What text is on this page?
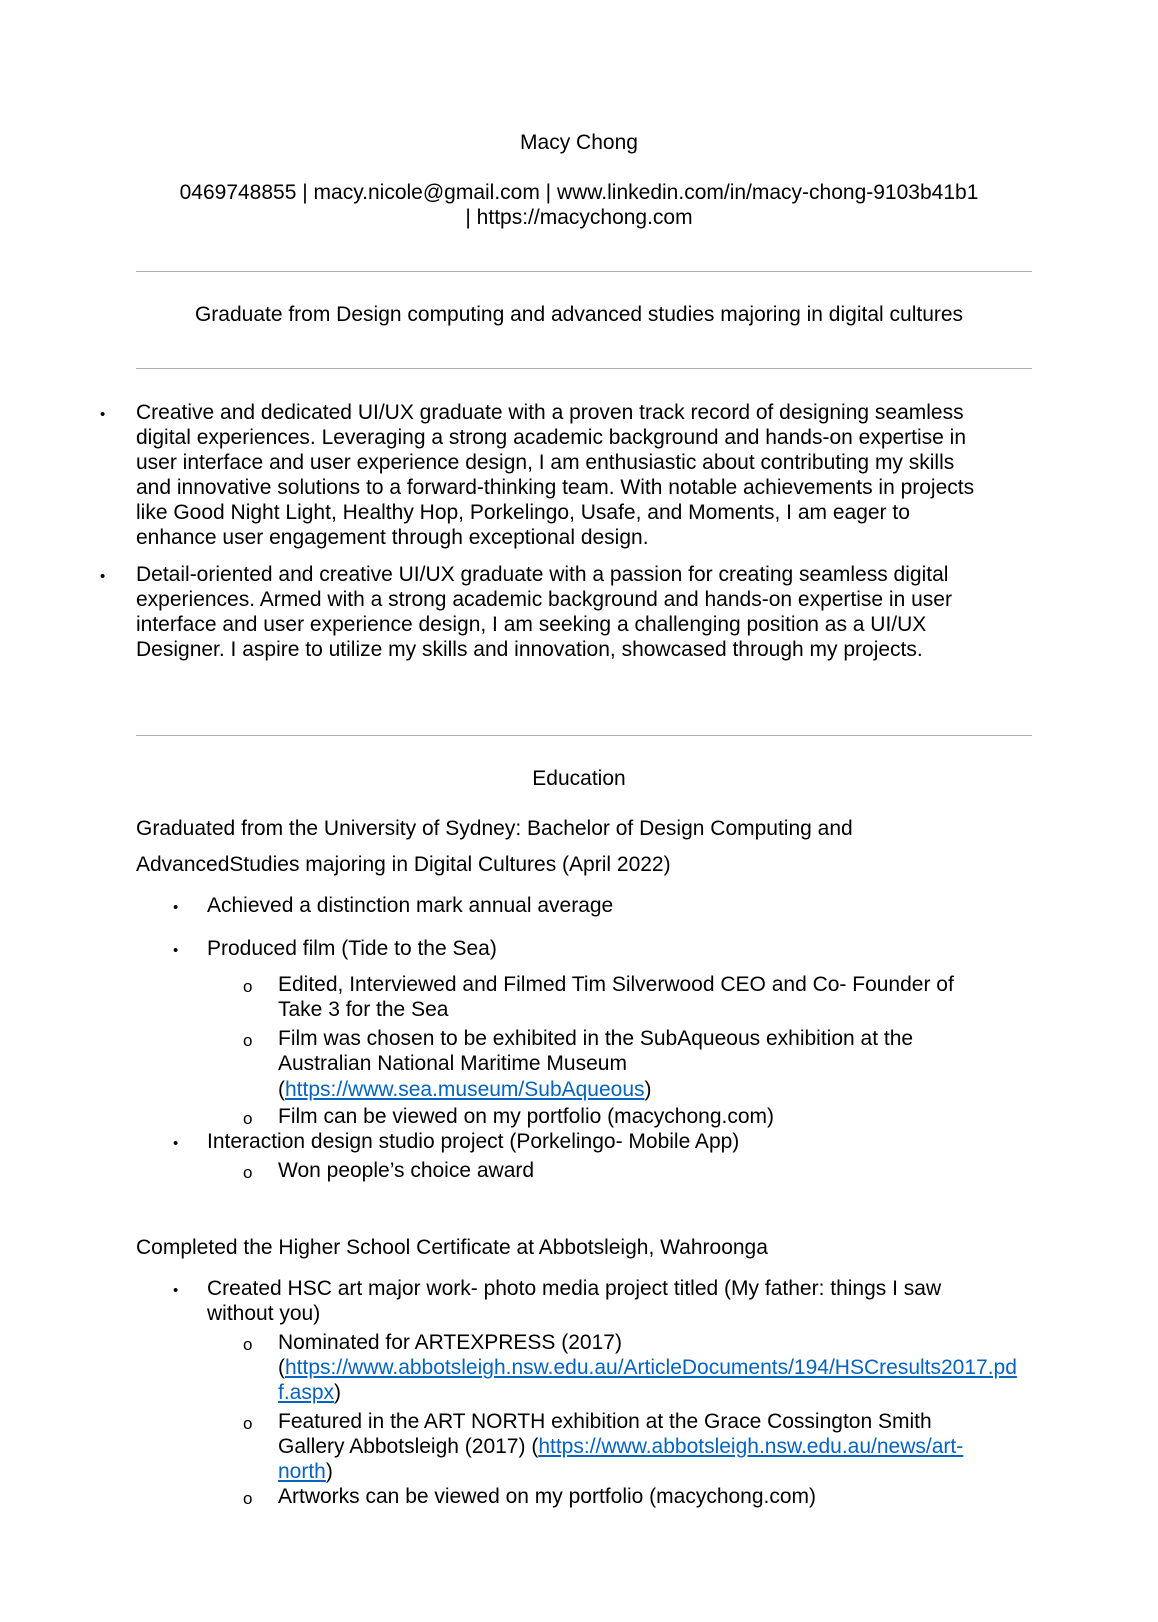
Macy Chong
0469748855 | macy.nicole@gmail.com | www.linkedin.com/in/macy-chong-9103b41b1
| https://macychong.com
Graduate from Design computing and advanced studies majoring in digital cultures
• Creative and dedicated UI/UX graduate with a proven track record of designing seamless digital experiences. Leveraging a strong academic background and hands-on expertise in user interface and user experience design, I am enthusiastic about contributing my skills and innovative solutions to a forward-thinking team. With notable achievements in projects like Good Night Light, Healthy Hop, Porkelingo, Usafe, and Moments, I am eager to enhance user engagement through exceptional design.

• Detail-oriented and creative UI/UX graduate with a passion for creating seamless digital experiences. Armed with a strong academic background and hands-on expertise in user interface and user experience design, I am seeking a challenging position as a UI/UX Designer. I aspire to utilize my skills and innovation, showcased through my projects.

Education
Graduated from the University of Sydney: Bachelor of Design Computing and
AdvancedStudies majoring in Digital Cultures (April 2022)
• Achieved a distinction mark annual average
• Produced film (Tide to the Sea)
o Edited, Interviewed and Filmed Tim Silverwood CEO and Co- Founder of Take 3 for the Sea

o Film was chosen to be exhibited in the SubAqueous exhibition at the Australian National Maritime Museum

(https://www.sea.museum/SubAqueous)
o Film can be viewed on my portfolio (macychong.com)
• Interaction design studio project (Porkelingo- Mobile App)
o Won people’s choice award
Completed the Higher School Certificate at Abbotsleigh, Wahroonga
• Created HSC art major work- photo media project titled (My father: things I saw without you)

o Nominated for ARTEXPRESS (2017)
(https://www.abbotsleigh.nsw.edu.au/ArticleDocuments/194/HSCresults2017.pdf.aspx)
o Featured in the ART NORTH exhibition at the Grace Cossington Smith Gallery Abbotsleigh (2017) (https://www.abbotsleigh.nsw.edu.au/news/art-north)
o Artworks can be viewed on my portfolio (macychong.com)
